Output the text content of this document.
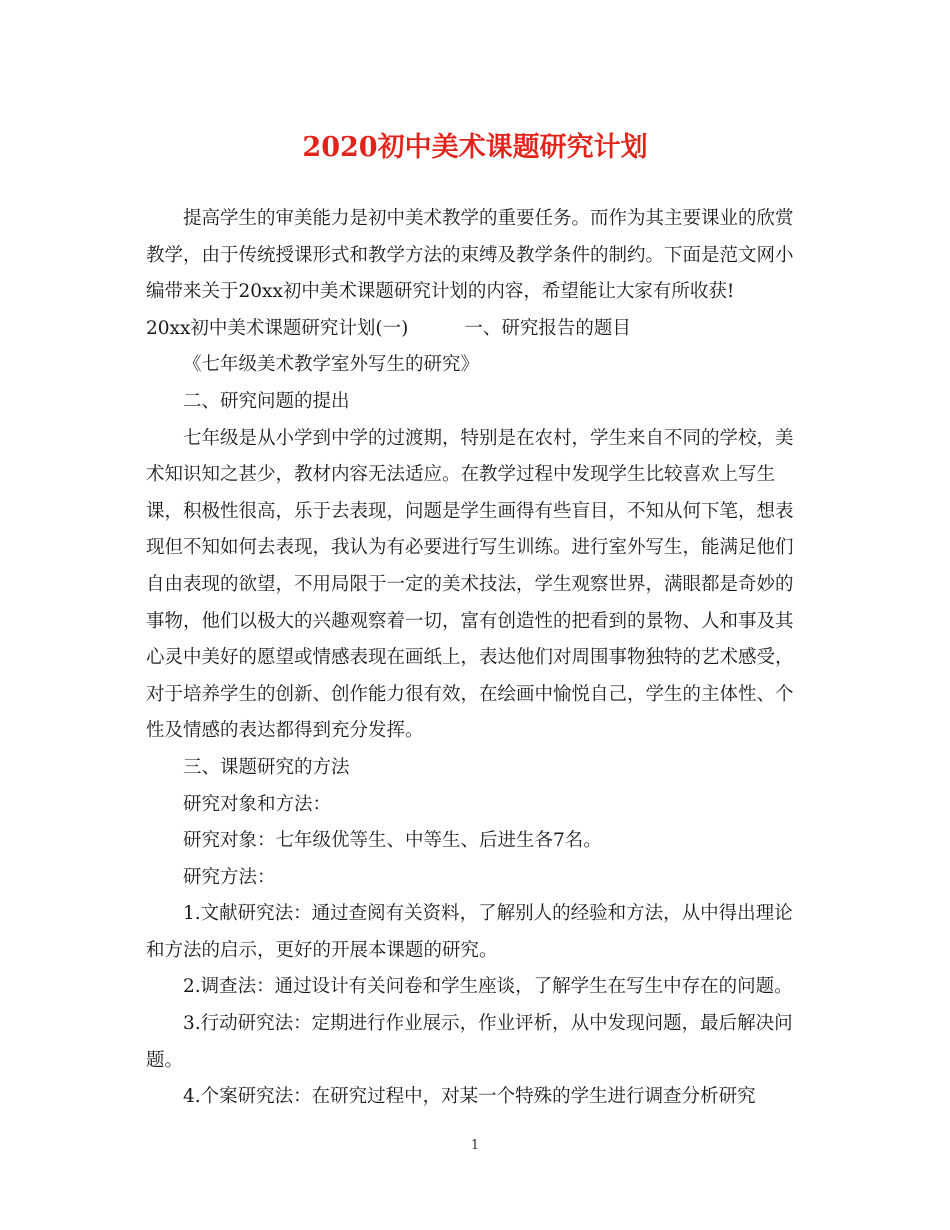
2020初中美术课题研究计划

提高学生的审美能力是初中美术教学的重要任务。而作为其主要课业的欣赏

教学，由于传统授课形式和教学方法的束缚及教学条件的制约。下面是范文网小

编带来关于20xx初中美术课题研究计划的内容，希望能让大家有所收获!

20xx初中美术课题研究计划(一)	一、研究报告的题目

《七年级美术教学室外写生的研究》

二、研究问题的提出

七年级是从小学到中学的过渡期，特别是在农村，学生来自不同的学校，美

术知识知之甚少，教材内容无法适应。在教学过程中发现学生比较喜欢上写生

课，积极性很高，乐于去表现，问题是学生画得有些盲目，不知从何下笔，想表

现但不知如何去表现，我认为有必要进行写生训练。进行室外写生，能满足他们

自由表现的欲望，不用局限于一定的美术技法，学生观察世界，满眼都是奇妙的

事物，他们以极大的兴趣观察着一切，富有创造性的把看到的景物、人和事及其

心灵中美好的愿望或情感表现在画纸上，表达他们对周围事物独特的艺术感受，

对于培养学生的创新、创作能力很有效，在绘画中愉悦自己，学生的主体性、个

性及情感的表达都得到充分发挥。

三、课题研究的方法

研究对象和方法：

研究对象：七年级优等生、中等生、后进生各7名。

研究方法：

1.文献研究法：通过查阅有关资料，了解别人的经验和方法，从中得出理论

和方法的启示，更好的开展本课题的研究。

2.调查法：通过设计有关问卷和学生座谈，了解学生在写生中存在的问题。

3.行动研究法：定期进行作业展示，作业评析，从中发现问题，最后解决问

题。

4.个案研究法：在研究过程中，对某一个特殊的学生进行调查分析研究

1
